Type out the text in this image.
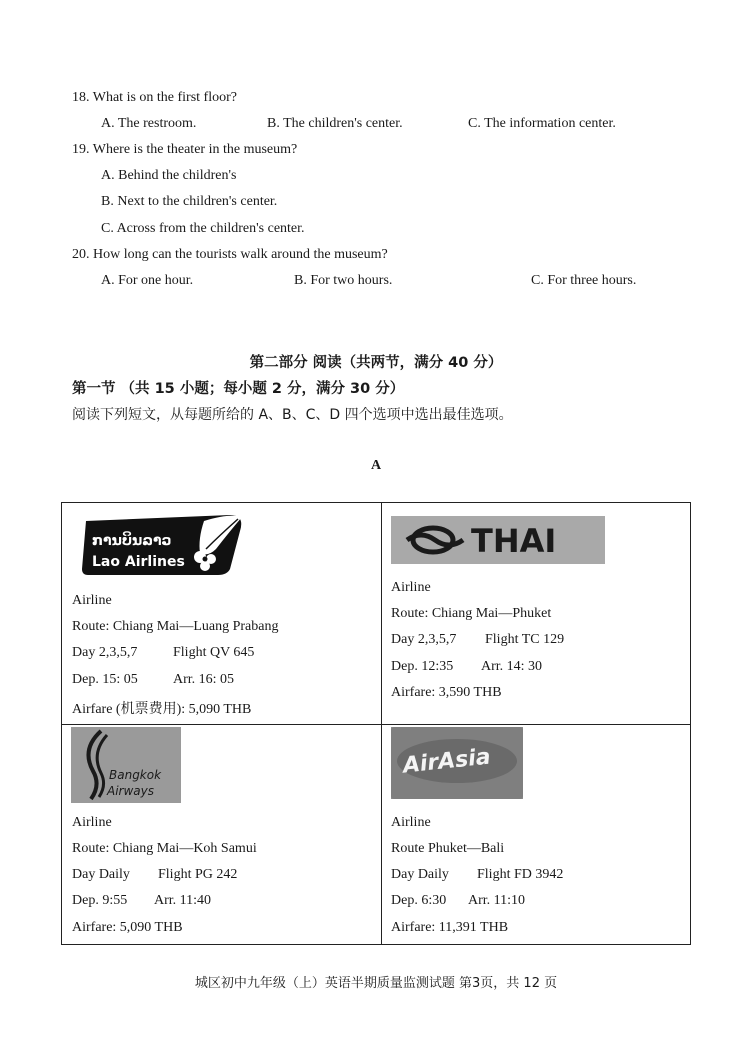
18. What is on the first floor?
A. The restroom.	B. The children's center.	C. The information center.
19. Where is the theater in the museum?
A. Behind the children's
B. Next to the children's center.
C. Across from the children's center.
20. How long can the tourists walk around the museum?
A. For one hour.	B. For two hours.	C. For three hours.
第二部分 阅读（共两节，满分 40 分）
第一节 （共 15 小题；每小题 2 分，满分 30 分）
阅读下列短文，从每题所给的 A、B、C、D 四个选项中选出最佳选项。
A
ການບິນລາວ
Lao Airlines
Airline
Route: Chiang Mai—Luang Prabang
Day 2,3,5,7	Flight QV 645
Dep. 15: 05	Arr. 16: 05
Airfare (机票费用): 5,090 THB
THAI
Airline
Route: Chiang Mai—Phuket
Day 2,3,5,7 Flight TC 129
Dep. 12:35 Arr. 14: 30
Airfare: 3,590 THB
Bangkok
Airways
Airline
Route: Chiang Mai—Koh Samui
Day Daily Flight PG 242
Dep. 9:55 Arr. 11:40
Airfare: 5,090 THB
AirAsia
Airline
Route Phuket—Bali
Day Daily Flight FD 3942
Dep. 6:30 Arr. 11:10
Airfare: 11,391 THB
城区初中九年级（上）英语半期质量监测试题 第3页，共 12 页
